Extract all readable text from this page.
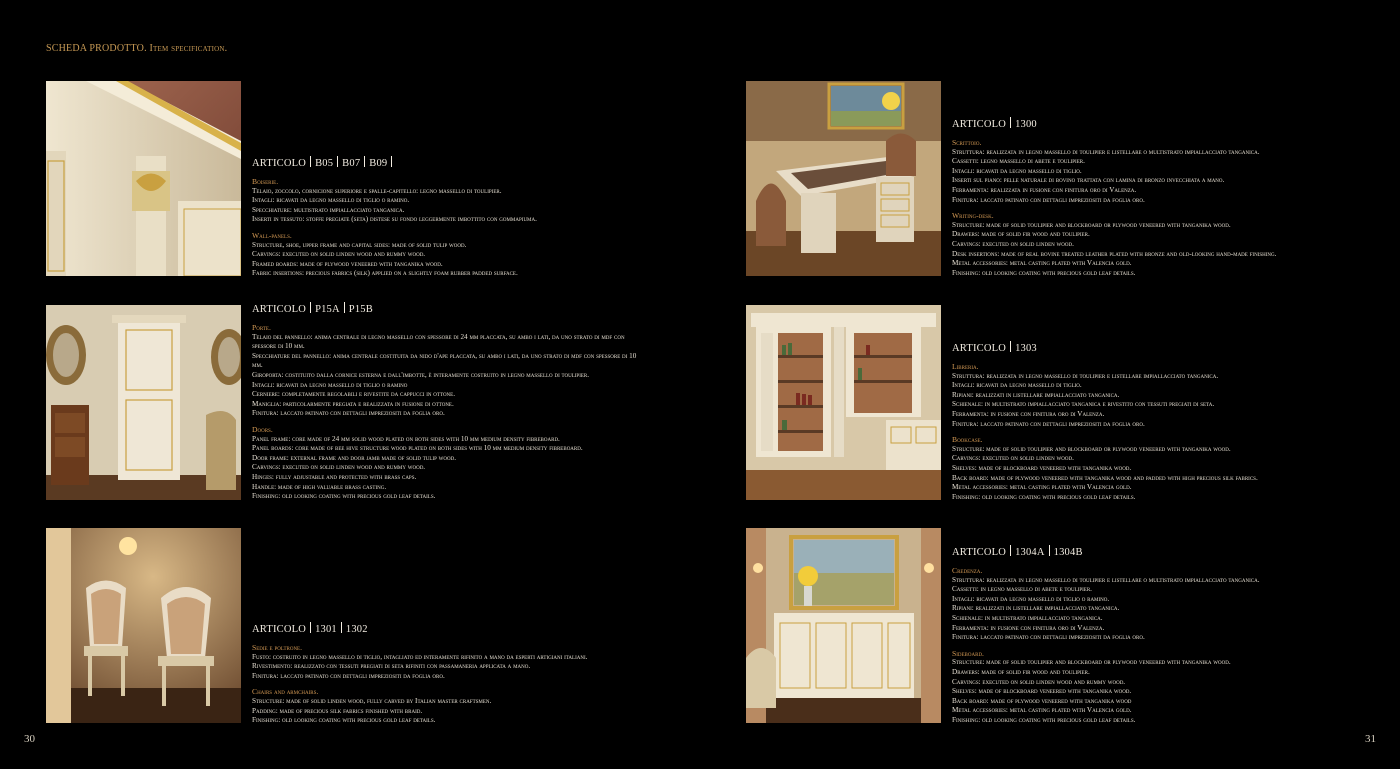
SCHEDA PRODOTTO. Item specification.
ARTICOLO B05 B07 B09
Boiserie.
Telaio, zoccolo, cornicione superiore e spalle-capitello: legno massello di toulipier.
Intagli: ricavati da legno massello di tiglio o ramino.
Specchiature: multistrato impiallacciato tanganica.
Inserti in tessuto: stoffe pregiate (seta) distese su fondo leggermente imbottito con gommapiuma.
Wall-panels.
Structure, shoe, upper frame and capital sides: made of solid tulip wood.
Carvings: executed on solid linden wood and rummy wood.
Framed boards: made of plywood veneered with tanganika wood.
Fabric insertions: precious fabrics (silk) applied on a slightly foam rubber padded surface.
ARTICOLO P15A P15B
Porte.
Telaio del pannello: anima centrale di legno massello con spessore di 24 mm placcata, su ambo i lati, da uno strato di mdf con spessore di 10 mm.
Specchiature del pannello: anima centrale costituita da nido d'ape placcata, su ambo i lati, da uno strato di mdf con spessore di 10 mm.
Giroporta: costituito dalla cornice esterna e dall'imbotte, è interamente costruito in legno massello di toulipier.
Intagli: ricavati da legno massello di tiglio o ramino
Cerniere: completamente regolabili e rivestite da cappucci in ottone.
Maniglia: particolarmente pregiata e realizzata in fusione di ottone.
Finitura: laccato patinato con dettagli impreziositi da foglia oro.
Doors.
Panel frame: core made of 24 mm solid wood plated on both sides with 10 mm medium density fibreboard.
Panel boards: core made of bee hive structure wood plated on both sides with 10 mm medium density fibreboard.
Door frame: external frame and door jamb made of solid tulip wood.
Carvings: executed on solid linden wood and rummy wood.
Hinges: fully adjustable and protected with brass caps.
Handle: made of high valuable brass casting.
Finishing: old looking coating with precious gold leaf details.
ARTICOLO 1301 1302
Sedie e poltrone.
Fusto: costruito in legno massello di tiglio, intagliato ed interamente rifinito a mano da esperti artigiani italiani.
Rivestimento: realizzato con tessuti pregiati di seta rifiniti con passamaneria applicata a mano.
Finitura: laccato patinato con dettagli impreziositi da foglia oro.
Chairs and armchairs.
Structure: made of solid linden wood, fully carved by Italian master craftsmen.
Padding: made of precious silk fabrics finished with braid.
Finishing: old looking coating with precious gold leaf details.
ARTICOLO 1300
Scrittoio.
Struttura: realizzata in legno massello di toulipier e listellare o multistrato impiallacciato tanganica.
Cassetti: legno massello di abete e toulipier.
Intagli: ricavati da legno massello di tiglio.
Inserti sul piano: pelle naturale di bovino trattata con lamina di bronzo invecchiata a mano.
Ferramenta: realizzata in fusione con finitura oro di Valenza.
Finitura: laccato patinato con dettagli impreziositi da foglia oro.
Writing-desk.
Structure: made of solid toulipier and blockboard or plywood veneered with tanganika wood.
Drawers: made of solid fir wood and toulipier.
Carvings: executed on solid linden wood.
Desk insertions: made of real bovine treated leather plated with bronze and old-looking hand-made finishing.
Metal accessories: metal casting plated with Valencia gold.
Finishing: old looking coating with precious gold leaf details.
ARTICOLO 1303
Libreria.
Struttura: realizzata in legno massello di toulipier e listellare impiallacciato tanganica.
Intagli: ricavati da legno massello di tiglio.
Ripiani: realizzati in listellare impiallacciato tanganica.
Schienale: in multistrato impiallacciato tanganica e rivestito con tessuti pregiati di seta.
Ferramenta: in fusione con finitura oro di Valenza.
Finitura: laccato patinato con dettagli impreziositi da foglia oro.
Bookcase.
Structure: made of solid toulipier and blockboard or plywood veneered with tanganika wood.
Carvings: executed on solid linden wood.
Shelves: made of blockboard veneered with tanganika wood.
Back board: made of plywood veneered with tanganika wood and padded with high precious silk fabrics.
Metal accessories: metal casting plated with Valencia gold.
Finishing: old looking coating with precious gold leaf details.
ARTICOLO 1304A 1304B
Credenza.
Struttura: realizzata in legno massello di toulipier e listellare o multistrato impiallacciato tanganica.
Cassetti: in legno massello di abete e toulipier.
Intagli: ricavati da legno massello di tiglio o ramino.
Ripiani: realizzati in listellare impiallacciato tanganica.
Schienale: in multistrato impiallacciato tanganica.
Ferramenta: in fusione con finitura oro di Valenza.
Finitura: laccato patinato con dettagli impreziositi da foglia oro.
Sideboard.
Structure: made of solid toulipier and blockboard or plywood veneered with tanganika wood.
Drawers: made of solid fir wood and toulipier.
Carvings: executed on solid linden wood and rummy wood.
Shelves: made of blockboard veneered with tanganika wood.
Back board: made of plywood veneered with tanganika wood
Metal accessories: metal casting plated with Valencia gold.
Finishing: old looking coating with precious gold leaf details.
30	31
